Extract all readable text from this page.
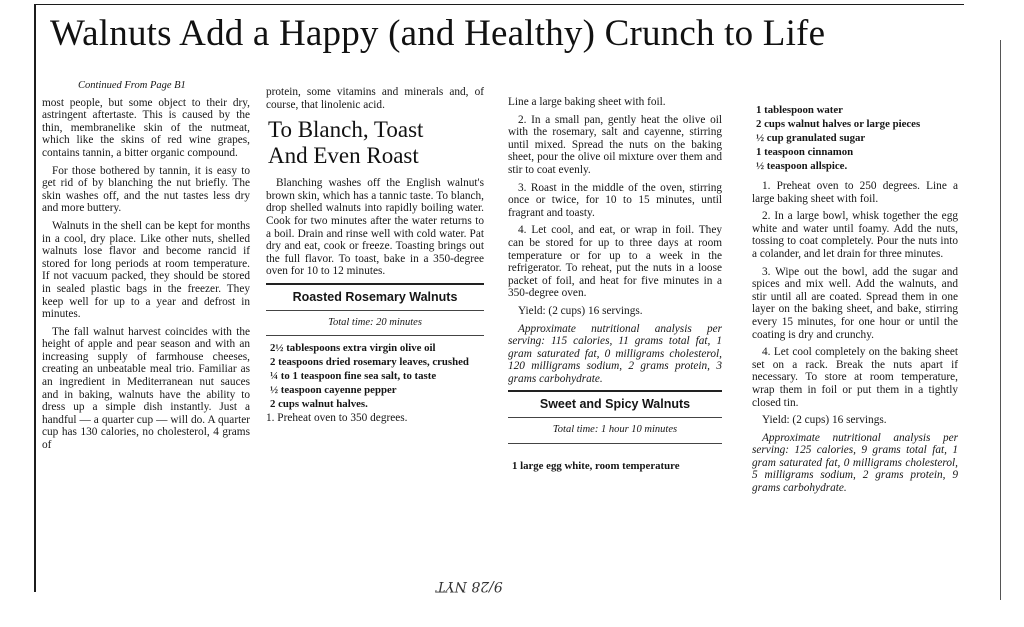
Walnuts Add a Happy (and Healthy) Crunch to Life
Continued From Page B1

most people, but some object to their dry, astringent aftertaste. This is caused by the thin, membranelike skin of the nutmeat, which like the skins of red wine grapes, contains tannin, a bitter organic compound.

For those bothered by tannin, it is easy to get rid of by blanching the nut briefly. The skin washes off, and the nut tastes less dry and more buttery.

Walnuts in the shell can be kept for months in a cool, dry place. Like other nuts, shelled walnuts lose flavor and become rancid if stored for long periods at room temperature. If not vacuum packed, they should be stored in sealed plastic bags in the freezer. They keep well for up to a year and defrost in minutes.

The fall walnut harvest coincides with the height of apple and pear season and with an increasing supply of farmhouse cheeses, creating an unbeatable meal trio. Familiar as an ingredient in Mediterranean nut sauces and in baking, walnuts have the ability to dress up a simple dish instantly. Just a handful — a quarter cup — will do. A quarter cup has 130 calories, no cholesterol, 4 grams of

protein, some vitamins and minerals and, of course, that linolenic acid.

To Blanch, Toast
And Even Roast

Blanching washes off the English walnut's brown skin, which has a tannic taste. To blanch, drop shelled walnuts into rapidly boiling water. Cook for two minutes after the water returns to a boil. Drain and rinse well with cold water. Pat dry and eat, cook or freeze. Toasting brings out the full flavor. To toast, bake in a 350-degree oven for 10 to 12 minutes.

Roasted Rosemary Walnuts
Total time: 20 minutes
2½ tablespoons extra virgin olive oil
2 teaspoons dried rosemary leaves, crushed
¼ to 1 teaspoon fine sea salt, to taste
½ teaspoon cayenne pepper
2 cups walnut halves.

1. Preheat oven to 350 degrees.

Line a large baking sheet with foil.

2. In a small pan, gently heat the olive oil with the rosemary, salt and cayenne, stirring until mixed. Spread the nuts on the baking sheet, pour the olive oil mixture over them and stir to coat evenly.

3. Roast in the middle of the oven, stirring once or twice, for 10 to 15 minutes, until fragrant and toasty.

4. Let cool, and eat, or wrap in foil. They can be stored for up to three days at room temperature or for up to a week in the refrigerator. To reheat, put the nuts in a loose packet of foil, and heat for five minutes in a 350-degree oven.

Yield: (2 cups) 16 servings.

Approximate nutritional analysis per serving: 115 calories, 11 grams total fat, 1 gram saturated fat, 0 milligrams cholesterol, 120 milligrams sodium, 2 grams protein, 3 grams carbohydrate.

Sweet and Spicy Walnuts
Total time: 1 hour 10 minutes
1 large egg white, room temperature
1 tablespoon water
2 cups walnut halves or large pieces
½ cup granulated sugar
1 teaspoon cinnamon
½ teaspoon allspice.

1. Preheat oven to 250 degrees. Line a large baking sheet with foil.

2. In a large bowl, whisk together the egg white and water until foamy. Add the nuts, tossing to coat completely. Pour the nuts into a colander, and let drain for three minutes.

3. Wipe out the bowl, add the sugar and spices and mix well. Add the walnuts, and stir until all are coated. Spread them in one layer on the baking sheet, and bake, stirring every 15 minutes, for one hour or until the coating is dry and crunchy.

4. Let cool completely on the baking sheet set on a rack. Break the nuts apart if necessary. To store at room temperature, wrap them in foil or put them in a tightly closed tin.

Yield: (2 cups) 16 servings.

Approximate nutritional analysis per serving: 125 calories, 9 grams total fat, 1 gram saturated fat, 0 milligrams cholesterol, 5 milligrams sodium, 2 grams protein, 9 grams carbohydrate.

9/28 NYT
